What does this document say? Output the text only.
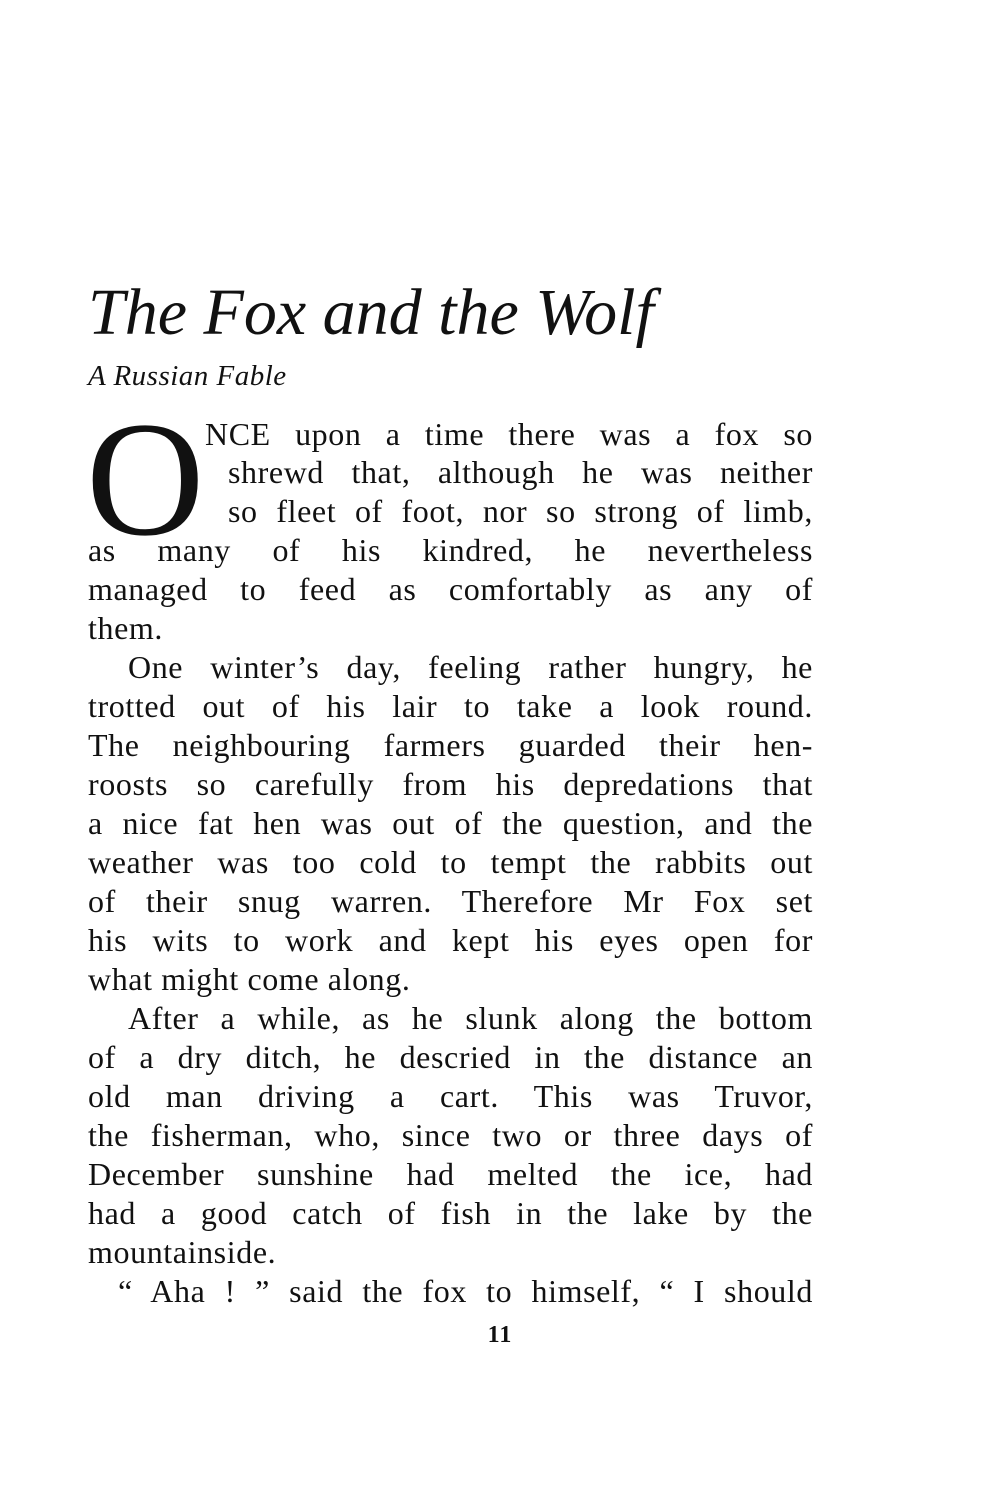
The Fox and the Wolf
A Russian Fable
O NCE upon a time there was a fox so
shrewd that, although he was neither
so fleet of foot, nor so strong of limb,
as many of his kindred, he nevertheless
managed to feed as comfortably as any of
them.
One winter’s day, feeling rather hungry, he
trotted out of his lair to take a look round.
The neighbouring farmers guarded their hen-
roosts so carefully from his depredations that
a nice fat hen was out of the question, and the
weather was too cold to tempt the rabbits out
of their snug warren. Therefore Mr Fox set
his wits to work and kept his eyes open for
what might come along.
After a while, as he slunk along the bottom
of a dry ditch, he descried in the distance an
old man driving a cart. This was Truvor,
the fisherman, who, since two or three days of
December sunshine had melted the ice, had
had a good catch of fish in the lake by the
mountainside.
“ Aha ! ” said the fox to himself, “ I should
11
